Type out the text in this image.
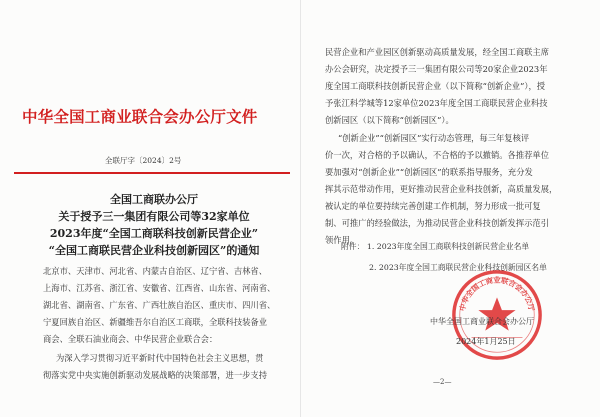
中华全国工商业联合会办公厅文件
全联厅字〔2024〕2号
全国工商联办公厅
关于授予三一集团有限公司等32家单位
2023年度“全国工商联科技创新民营企业”
“全国工商联民营企业科技创新园区”的通知
北京市、天津市、河北省、内蒙古自治区、辽宁省、吉林省、
上海市、江苏省、浙江省、安徽省、江西省、山东省、河南省、
湖北省、湖南省、广东省、广西壮族自治区、重庆市、四川省、
宁夏回族自治区、新疆维吾尔自治区工商联，全联科技装备业
商会、全联石油业商会、中华民营企业联合会：
为深入学习贯彻习近平新时代中国特色社会主义思想，贯
彻落实党中央实施创新驱动发展战略的决策部署，进一步支持
民营企业和产业园区创新驱动高质量发展，经全国工商联主席
办公会研究，决定授予三一集团有限公司等20家企业2023年
度全国工商联科技创新民营企业（以下简称“创新企业”），授
予张江科学城等12家单位2023年度全国工商联民营企业科技
创新园区（以下简称“创新园区”）。
“创新企业”“创新园区”实行动态管理，每三年复核评
价一次，对合格的予以确认，不合格的予以撤销。各推荐单位
要加强对“创新企业”“创新园区”的联系指导服务，充分发
挥其示范带动作用，更好推动民营企业科技创新，高质量发展，
被认定的单位要持续完善创建工作机制，努力形成一批可复
制、可推广的经验做法，为推动民营企业科技创新发挥示范引
领作用。
附件： 1. 2023年度全国工商联科技创新民营企业名单
2. 2023年度全国工商联民营企业科技创新园区名单
中华全国工商业联合会办公厅
中华全国工商业联合会办公厅
2024年1月25日
—2—
